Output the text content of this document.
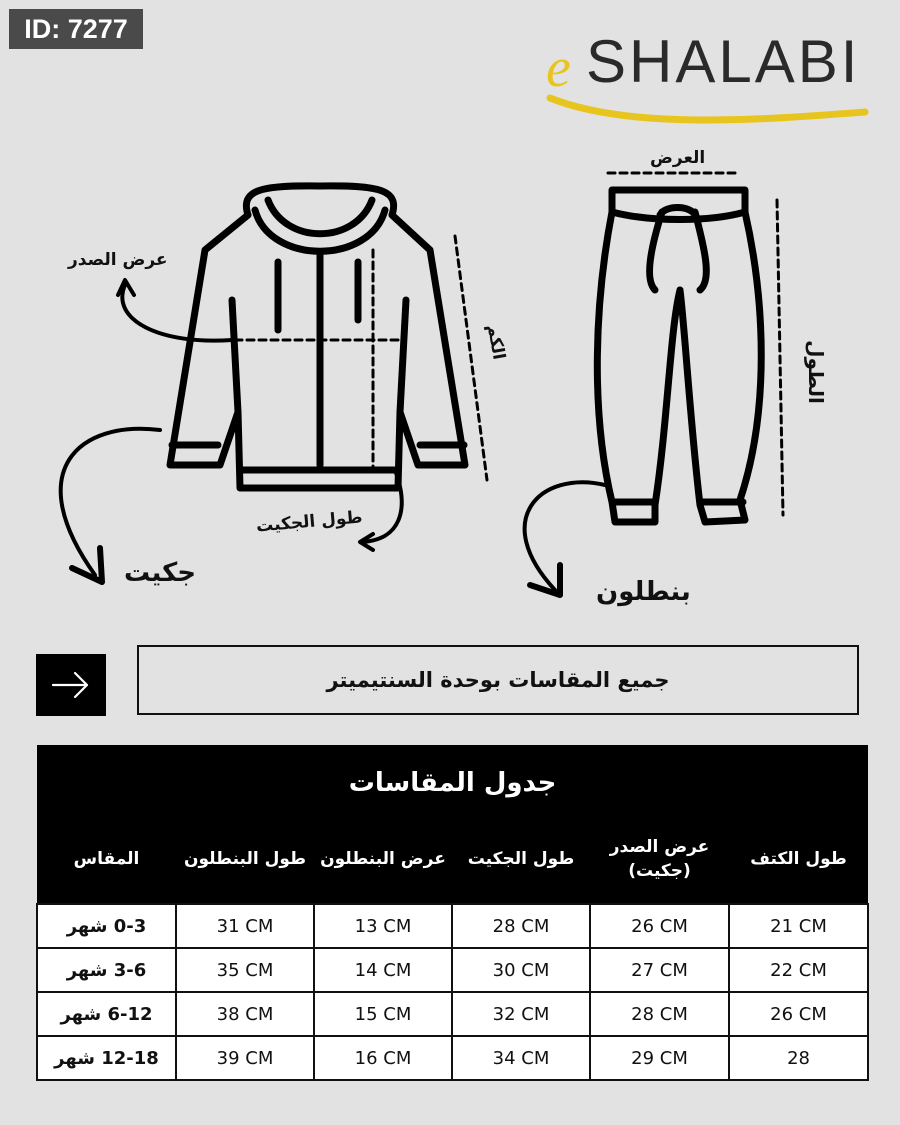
ID: 7277
e SHALABI
عرض الصدر
الكم
طول الجكيت
جكيت
العرض
الطول
بنطلون
جميع المقاسات بوحدة السنتيميتر
جدول المقاسات					
المقاس	طول البنطلون	عرض البنطلون	طول الجكيت	عرض الصدر (جكيت)	طول الكتف
0-3 شهر	31 CM	13 CM	28 CM	26 CM	21 CM
3-6 شهر	35 CM	14 CM	30 CM	27 CM	22 CM
6-12 شهر	38 CM	15 CM	32 CM	28 CM	26 CM
12-18 شهر	39 CM	16 CM	34 CM	29 CM	28
